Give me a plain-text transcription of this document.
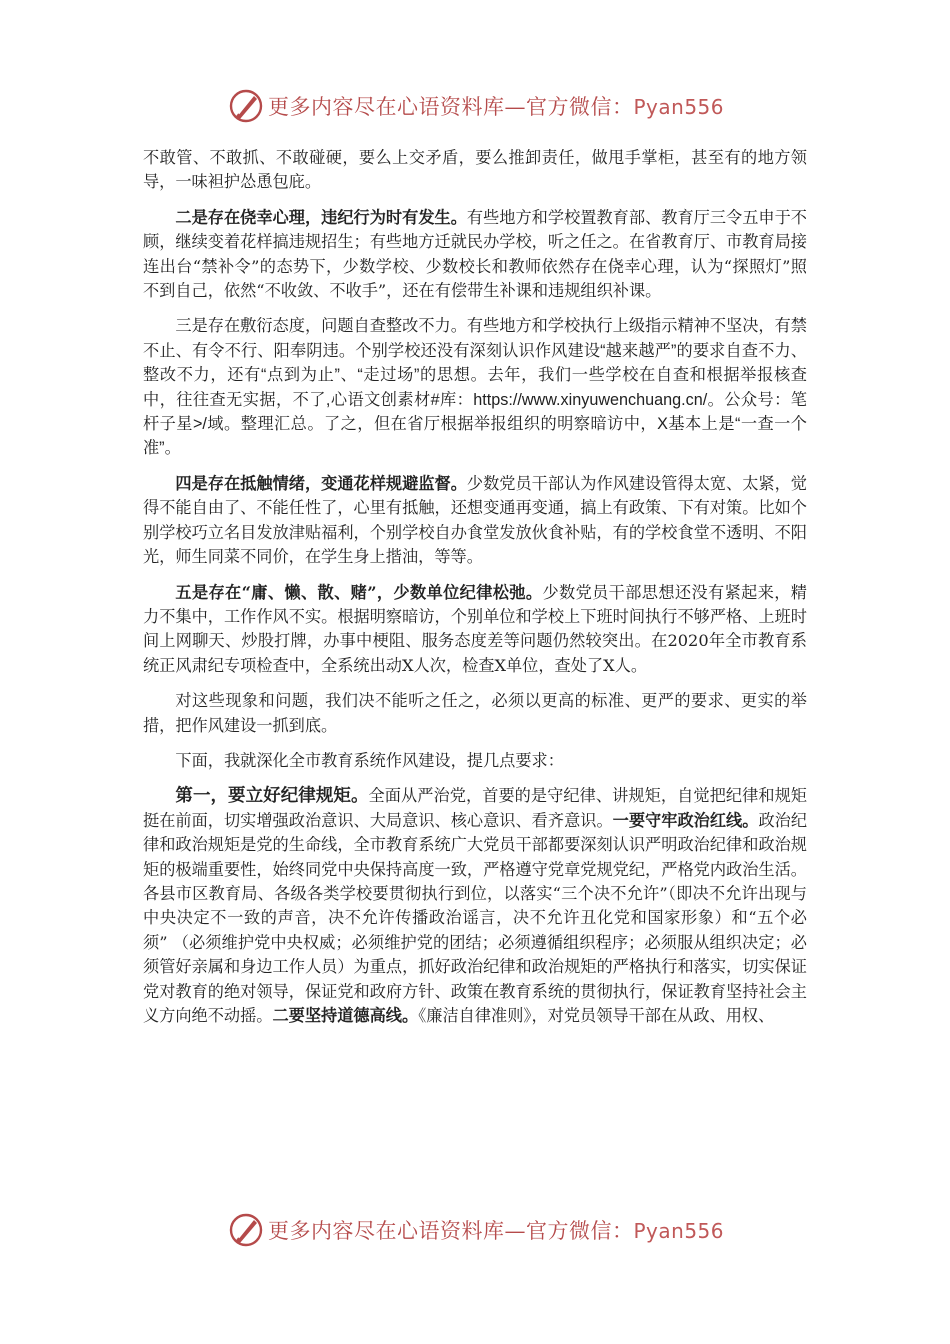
更多内容尽在心语资料库—官方微信：Pyan556

不敢管、不敢抓、不敢碰硬，要么上交矛盾，要么推卸责任，做甩手掌柜，甚至有的地方领导，一味袒护怂恿包庇。

二是存在侥幸心理，违纪行为时有发生。有些地方和学校置教育部、教育厅三令五申于不顾，继续变着花样搞违规招生；有些地方迁就民办学校，听之任之。在省教育厅、市教育局接连出台“禁补令”的态势下，少数学校、少数校长和教师依然存在侥幸心理，认为“探照灯”照不到自己，依然“不收敛、不收手”，还在有偿带生补课和违规组织补课。

三是存在敷衍态度，问题自查整改不力。有些地方和学校执行上级指示精神不坚决，有禁不止、有令不行、阳奉阴违。个别学校还没有深刻认识作风建设“越来越严”的要求自查不力、整改不力，还有“点到为止”、“走过场”的思想。去年，我们一些学校在自查和根据举报核查中，往往查无实据，不了,心语文创素材#库：https://www.xinyuwenchuang.cn/。公众号：笔杆子星>/域。整理汇总。了之，但在省厅根据举报组织的明察暗访中，X基本上是“一查一个准”。

四是存在抵触情绪，变通花样规避监督。少数党员干部认为作风建设管得太宽、太紧，觉得不能自由了、不能任性了，心里有抵触，还想变通再变通，搞上有政策、下有对策。比如个别学校巧立名目发放津贴福利，个别学校自办食堂发放伙食补贴，有的学校食堂不透明、不阳光，师生同菜不同价，在学生身上揩油，等等。

五是存在“庸、懒、散、赌”，少数单位纪律松弛。少数党员干部思想还没有紧起来，精力不集中，工作作风不实。根据明察暗访，个别单位和学校上下班时间执行不够严格、上班时间上网聊天、炒股打牌，办事中梗阻、服务态度差等问题仍然较突出。在2020年全市教育系统正风肃纪专项检查中，全系统出动X人次，检查X单位，查处了X人。

对这些现象和问题，我们决不能听之任之，必须以更高的标准、更严的要求、更实的举措，把作风建设一抓到底。

下面，我就深化全市教育系统作风建设，提几点要求：

第一，要立好纪律规矩。全面从严治党，首要的是守纪律、讲规矩，自觉把纪律和规矩挺在前面，切实增强政治意识、大局意识、核心意识、看齐意识。一要守牢政治红线。政治纪律和政治规矩是党的生命线，全市教育系统广大党员干部都要深刻认识严明政治纪律和政治规矩的极端重要性，始终同党中央保持高度一致，严格遵守党章党规党纪，严格党内政治生活。各县市区教育局、各级各类学校要贯彻执行到位，以落实“三个决不允许”（即决不允许出现与中央决定不一致的声音，决不允许传播政治谣言，决不允许丑化党和国家形象）和“五个必须” （必须维护党中央权威；必须维护党的团结；必须遵循组织程序；必须服从组织决定；必须管好亲属和身边工作人员）为重点，抓好政治纪律和政治规矩的严格执行和落实，切实保证党对教育的绝对领导，保证党和政府方针、政策在教育系统的贯彻执行，保证教育坚持社会主义方向绝不动摇。二要坚持道德高线。《廉洁自律准则》，对党员领导干部在从政、用权、

更多内容尽在心语资料库—官方微信：Pyan556
